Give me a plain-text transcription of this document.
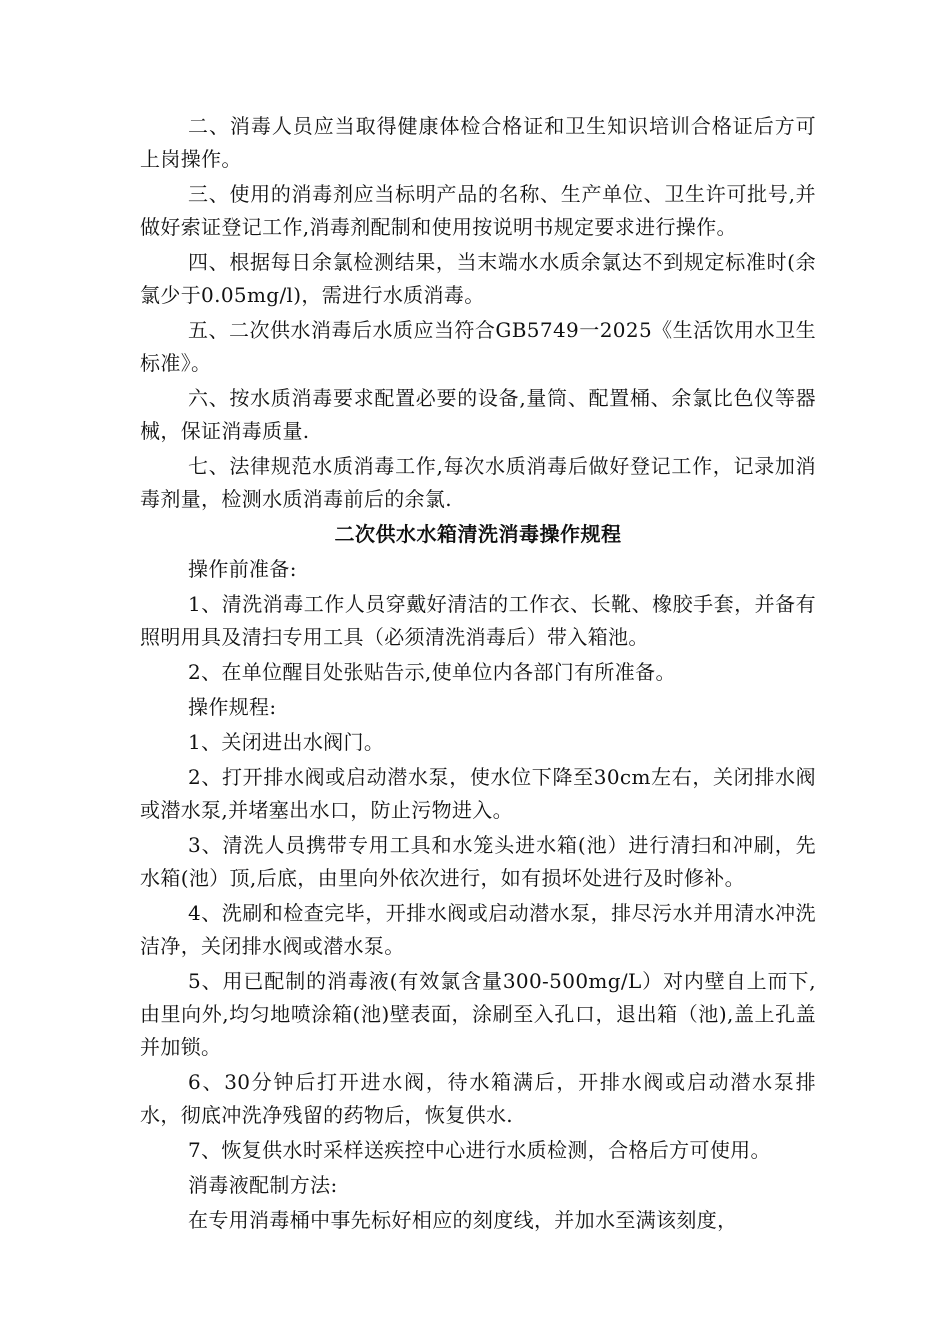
二、消毒人员应当取得健康体检合格证和卫生知识培训合格证后方可上岗操作。

三、使用的消毒剂应当标明产品的名称、生产单位、卫生许可批号,并做好索证登记工作,消毒剂配制和使用按说明书规定要求进行操作。

四、根据每日余氯检测结果，当末端水水质余氯达不到规定标准时(余氯少于0.05mg/l)，需进行水质消毒。

五、二次供水消毒后水质应当符合GB5749一2025《生活饮用水卫生标准》。

六、按水质消毒要求配置必要的设备,量筒、配置桶、余氯比色仪等器械，保证消毒质量.

七、法律规范水质消毒工作,每次水质消毒后做好登记工作，记录加消毒剂量，检测水质消毒前后的余氯.

二次供水水箱清洗消毒操作规程

操作前准备:

1、清洗消毒工作人员穿戴好清洁的工作衣、长靴、橡胶手套，并备有照明用具及清扫专用工具（必须清洗消毒后）带入箱池。

2、在单位醒目处张贴告示,使单位内各部门有所准备。

操作规程:

1、关闭进出水阀门。

2、打开排水阀或启动潜水泵，使水位下降至30cm左右，关闭排水阀或潜水泵,并堵塞出水口，防止污物进入。

3、清洗人员携带专用工具和水笼头进水箱(池）进行清扫和冲刷，先水箱(池）顶,后底，由里向外依次进行，如有损坏处进行及时修补。

4、洗刷和检查完毕，开排水阀或启动潜水泵，排尽污水并用清水冲洗洁净，关闭排水阀或潜水泵。

5、用已配制的消毒液(有效氯含量300-500mg/L）对内壁自上而下,由里向外,均匀地喷涂箱(池)壁表面，涂刷至入孔口，退出箱（池),盖上孔盖并加锁。

6、30分钟后打开进水阀，待水箱满后，开排水阀或启动潜水泵排水，彻底冲洗净残留的药物后，恢复供水.

7、恢复供水时采样送疾控中心进行水质检测，合格后方可使用。

消毒液配制方法:

在专用消毒桶中事先标好相应的刻度线，并加水至满该刻度，
